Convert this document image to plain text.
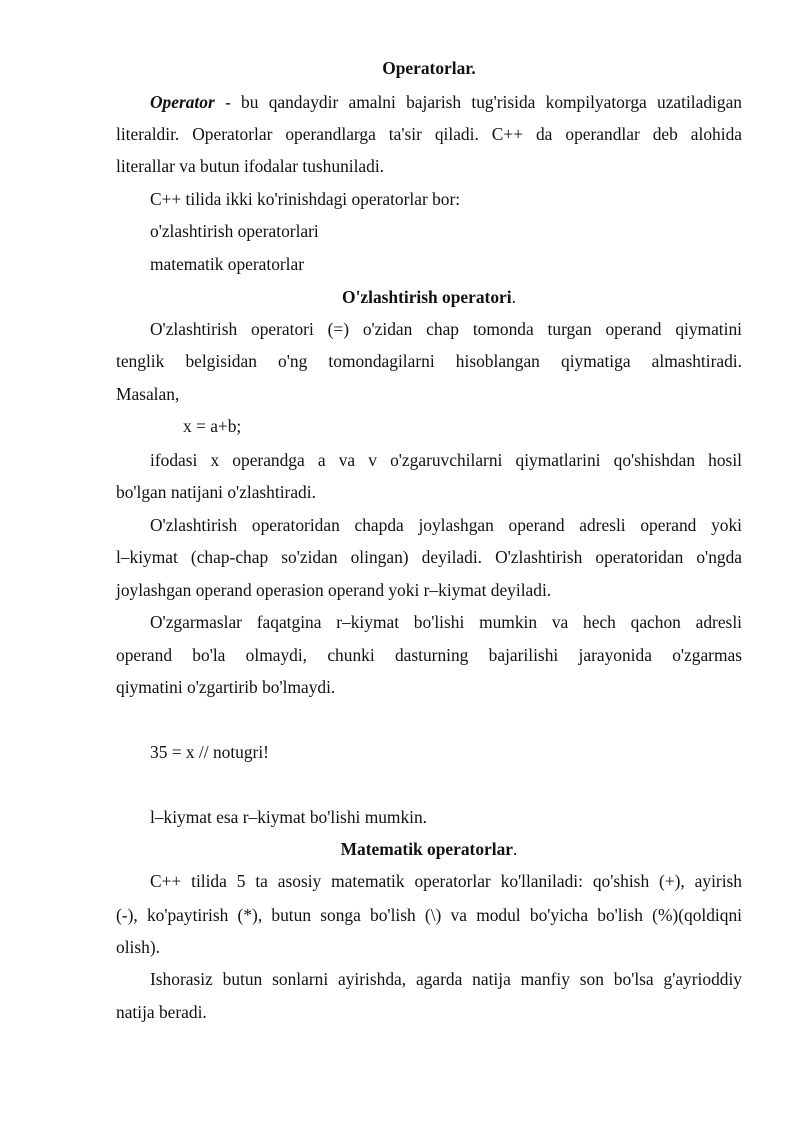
Operatorlar.
Operator - bu qandaydir amalni bajarish tug'risida kompilyatorga uzatiladigan
literaldir. Operatorlar operandlarga ta'sir qiladi. C++ da operandlar deb alohida
literallar va butun ifodalar tushuniladi.
C++ tilida ikki ko'rinishdagi operatorlar bor:
o'zlashtirish operatorlari
matematik operatorlar
O'zlashtirish operatori.
O'zlashtirish operatori (=) o'zidan chap tomonda turgan operand qiymatini
tenglik belgisidan o'ng tomondagilarni hisoblangan qiymatiga almashtiradi.
Masalan,
x = a+b;
ifodasi x operandga a va v o'zgaruvchilarni qiymatlarini qo'shishdan hosil
bo'lgan natijani o'zlashtiradi.
O'zlashtirish operatoridan chapda joylashgan operand adresli operand yoki
l–kiymat (chap-chap so'zidan olingan) deyiladi. O'zlashtirish operatoridan o'ngda
joylashgan operand operasion operand yoki r–kiymat deyiladi.
O'zgarmaslar faqatgina r–kiymat bo'lishi mumkin va hech qachon adresli
operand bo'la olmaydi, chunki dasturning bajarilishi jarayonida o'zgarmas
qiymatini o'zgartirib bo'lmaydi.
35 = x // notugri!
l–kiymat esa r–kiymat bo'lishi mumkin.
Matematik operatorlar.
C++ tilida 5 ta asosiy matematik operatorlar ko'llaniladi: qo'shish (+), ayirish
(-), ko'paytirish (*), butun songa bo'lish (\) va modul bo'yicha bo'lish (%)(qoldiqni
olish).
Ishorasiz butun sonlarni ayirishda, agarda natija manfiy son bo'lsa g'ayrioddiy
natija beradi.
